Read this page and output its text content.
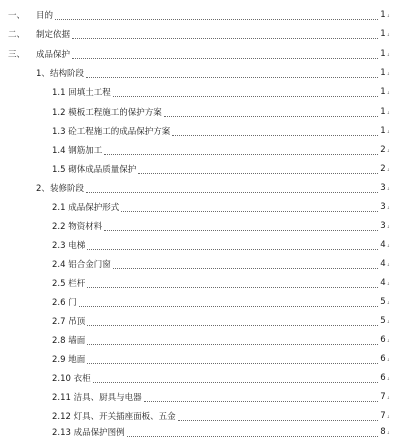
一、	目的	1 ↓
二、	制定依据	1 ↓
三、	成品保护	1 ↓
1、 结构阶段	1 ↓
1.1 回填土工程	1 ↓
1.2 模板工程施工的保护方案	1 ↓
1.3 砼工程施工的成品保护方案	1 ↓
1.4 钢筋加工	2 ↓
1.5 砌体成品质量保护	2 ↓
2、 装修阶段	3 ↓
2.1 成品保护形式	3 ↓
2.2 物资材料	3 ↓
2.3 电梯	4 ↓
2.4 铝合金门窗	4 ↓
2.5 栏杆	4 ↓
2.6 门	5 ↓
2.7 吊顶	5 ↓
2.8 墙面	6 ↓
2.9 地面	6 ↓
2.10 衣柜	6 ↓
2.11 洁具、厨具与电器	7 ↓
2.12 灯具、开关插座面板、五金	7 ↓
2.13 成品保护图例	8 ↓
